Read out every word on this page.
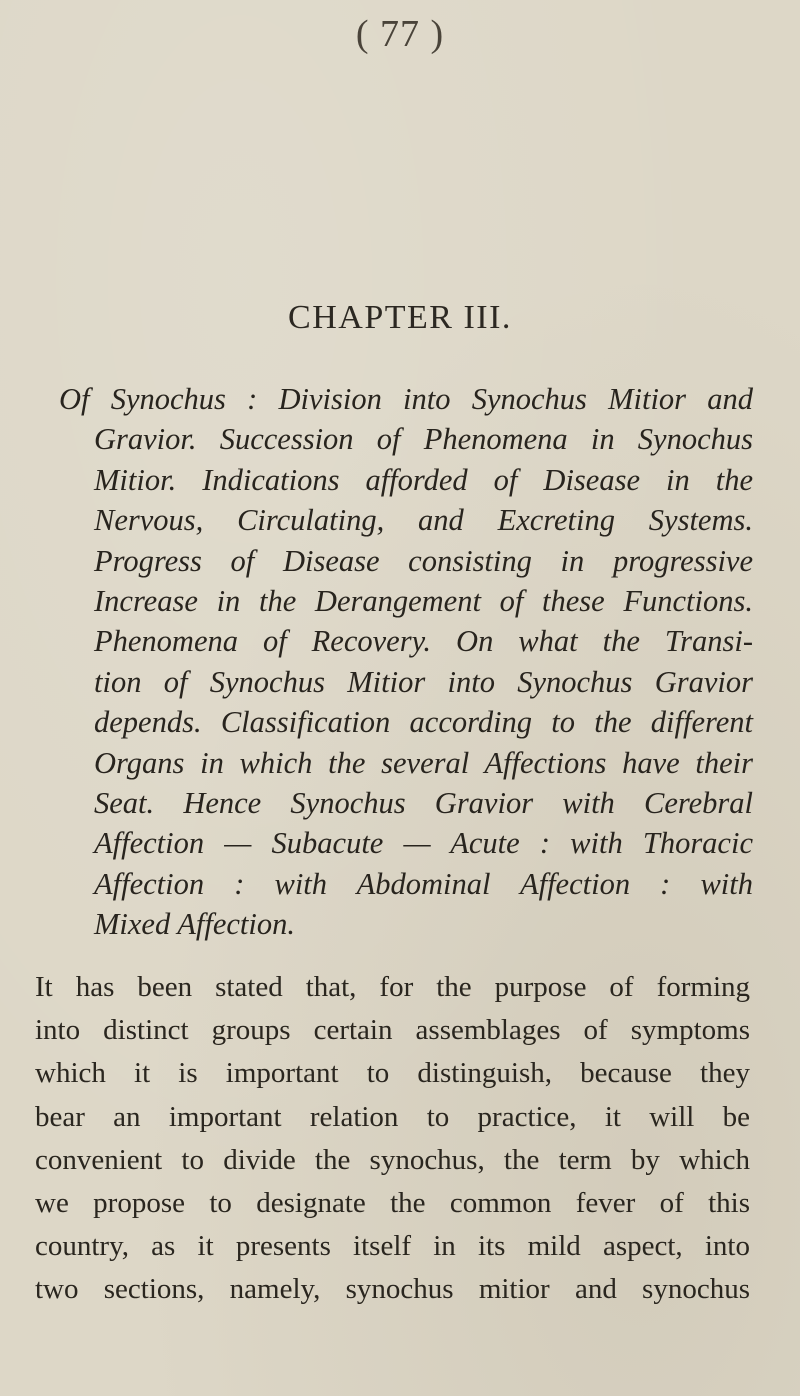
( 77 )
CHAPTER III.
Of Synochus : Division into Synochus Mitior and
Gravior. Succession of Phenomena in Synochus
Mitior. Indications afforded of Disease in the
Nervous, Circulating, and Excreting Systems.
Progress of Disease consisting in progressive
Increase in the Derangement of these Functions.
Phenomena of Recovery. On what the Transi-
tion of Synochus Mitior into Synochus Gravior
depends. Classification according to the different
Organs in which the several Affections have their
Seat. Hence Synochus Gravior with Cerebral
Affection — Subacute — Acute : with Thoracic
Affection : with Abdominal Affection : with
Mixed Affection.
It has been stated that, for the purpose of forming
into distinct groups certain assemblages of symptoms
which it is important to distinguish, because they
bear an important relation to practice, it will be
convenient to divide the synochus, the term by which
we propose to designate the common fever of this
country, as it presents itself in its mild aspect, into
two sections, namely, synochus mitior and synochus
